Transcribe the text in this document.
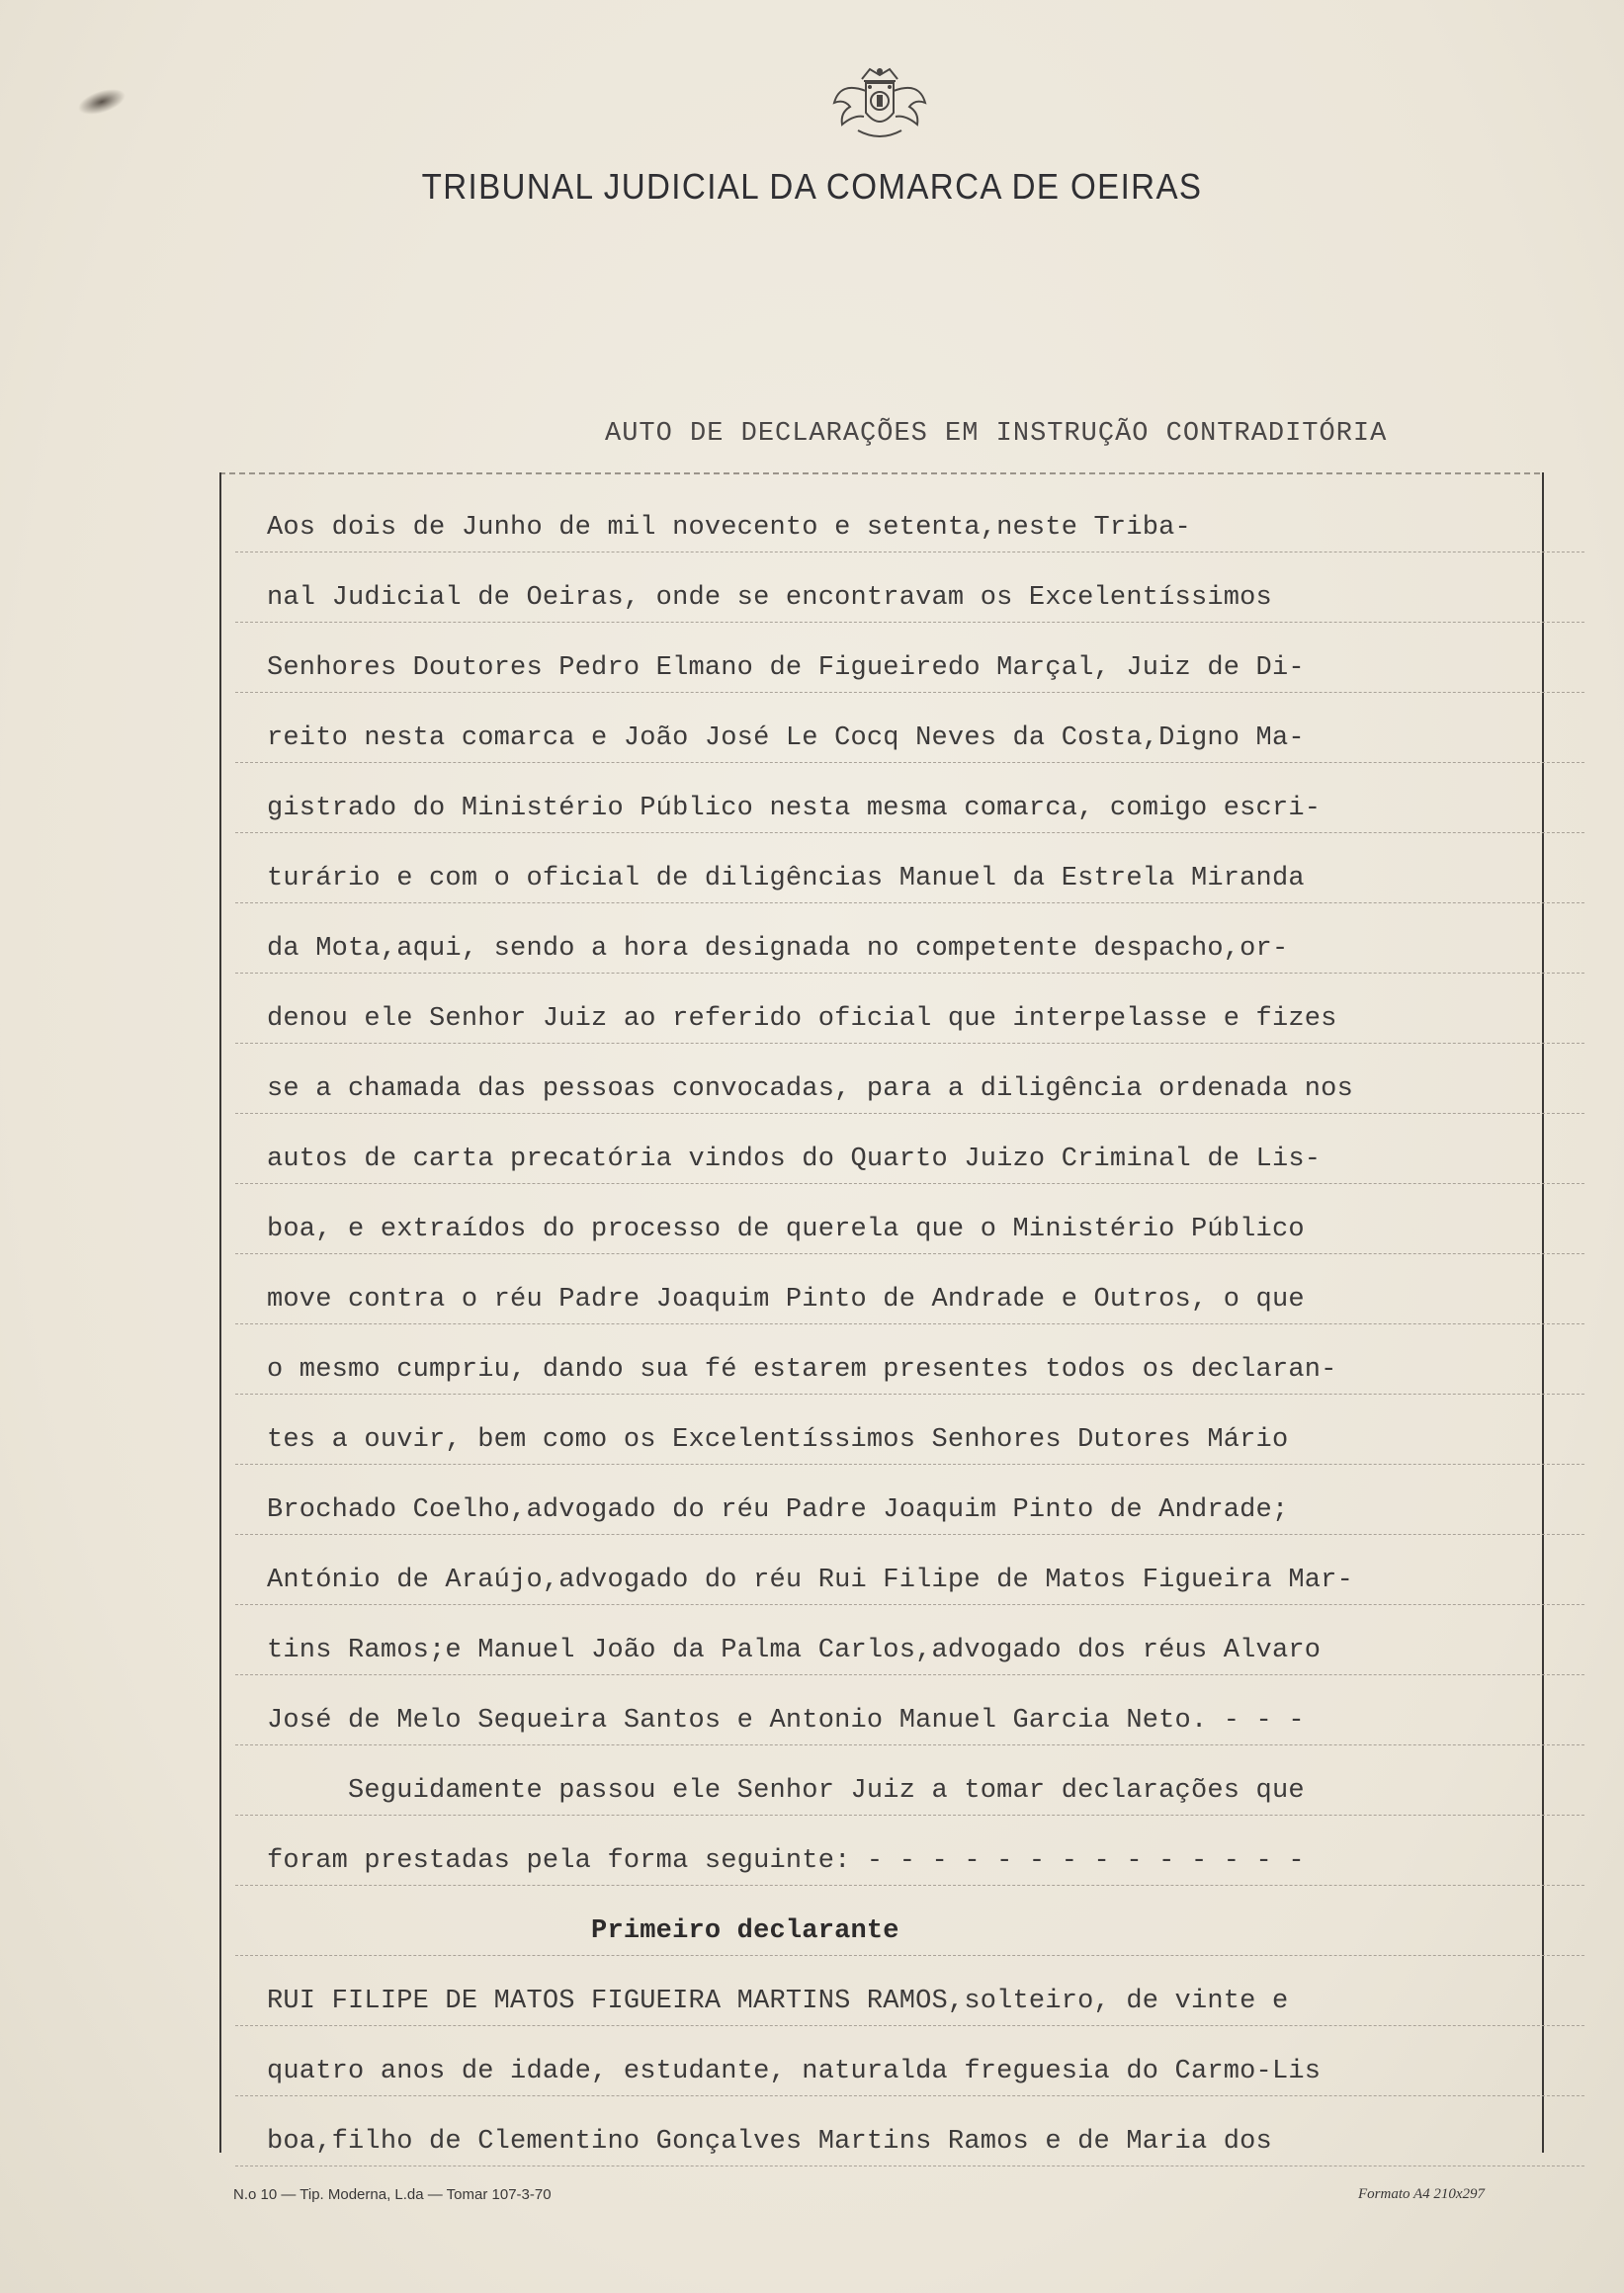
TRIBUNAL JUDICIAL DA COMARCA DE OEIRAS
AUTO DE DECLARAÇÕES EM INSTRUÇÃO CONTRADITÓRIA
Aos dois de Junho de mil novecento e setenta,neste Triba-
nal Judicial de Oeiras, onde se encontravam os Excelentíssimos
Senhores Doutores Pedro Elmano de Figueiredo Marçal, Juiz de Di-
reito nesta comarca e João José Le Cocq Neves da Costa,Digno Ma-
gistrado do Ministério Público nesta mesma comarca, comigo escri-
turário e com o oficial de diligências Manuel da Estrela Miranda
da Mota,aqui, sendo a hora designada no competente despacho,or-
denou ele Senhor Juiz ao referido oficial que interpelasse e fizes
se a chamada das pessoas convocadas, para a diligência ordenada nos
autos de carta precatória vindos do Quarto Juizo Criminal de Lis-
boa, e extraídos do processo de querela que o Ministério Público
move contra o réu Padre Joaquim Pinto de Andrade e Outros, o que
o mesmo cumpriu, dando sua fé estarem presentes todos os declaran-
tes a ouvir, bem como os Excelentíssimos Senhores Dutores Mário
Brochado Coelho,advogado do réu Padre Joaquim Pinto de Andrade;
António de Araújo,advogado do réu Rui Filipe de Matos Figueira Mar-
tins Ramos;e Manuel João da Palma Carlos,advogado dos réus Alvaro
José de Melo Sequeira Santos e Antonio Manuel Garcia Neto. - - -
Seguidamente passou ele Senhor Juiz a tomar declarações que
foram prestadas pela forma seguinte: - - - - - - - - - - - - - -
Primeiro declarante
RUI FILIPE DE MATOS FIGUEIRA MARTINS RAMOS,solteiro, de vinte e
quatro anos de idade, estudante, naturalda freguesia do Carmo-Lis
boa,filho de Clementino Gonçalves Martins Ramos e de Maria dos
N.o 10 — Tip. Moderna, L.da — Tomar 107-3-70	Formato A4 210x297
